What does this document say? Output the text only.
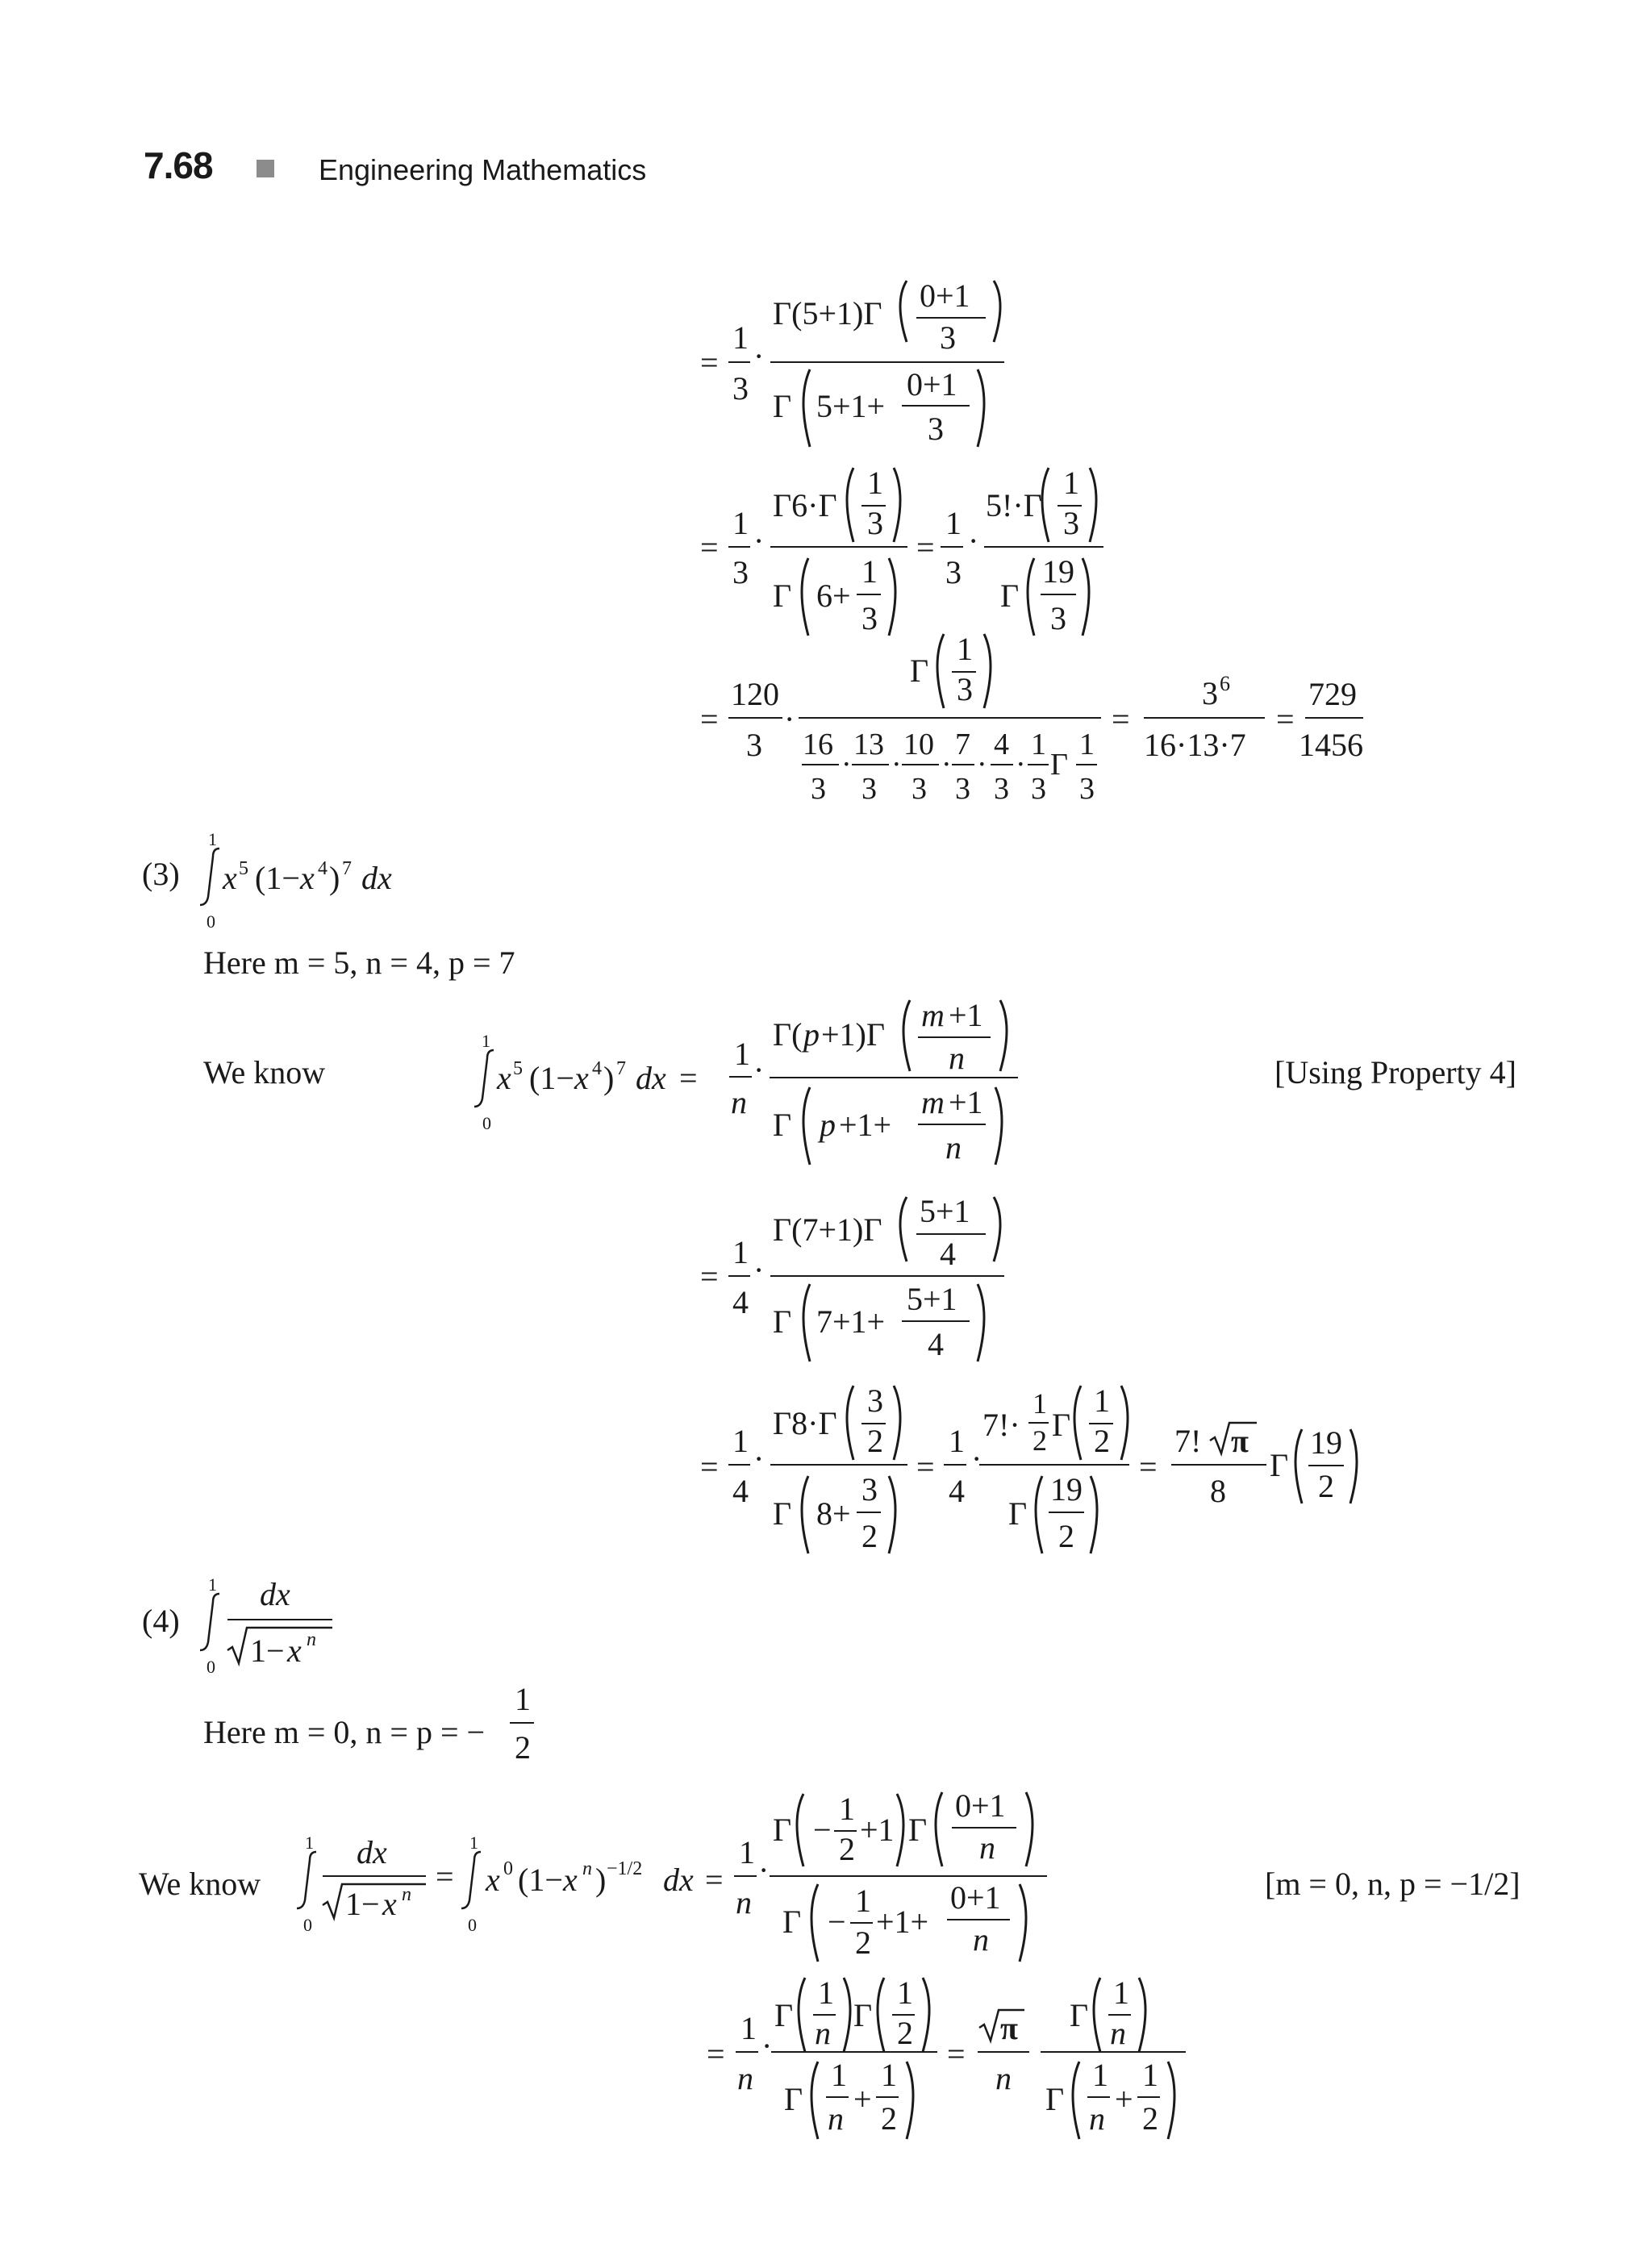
7.68	Engineering Mathematics
=
1
3
·
Γ(5+1)Γ 0+1
3
Γ 5+1+
0+1
3
=
1
3
·
Γ6·Γ
1
3
Γ 6+
1
3
=
1
3
·
5!·Γ
1
3
Γ
19
3
=
120
3
·
Γ
1
3
16
3
·
13
3
·
10
3
·
7
3
·
4
3
·
1
3
Γ
1
3
=
3 6
16·13·7
=
729
1456
1
0
x 5 (1− x 4 ) 7 dx
1
0
x 5 (1− x 4 ) 7 dx =
1
n
·
Γ( p +1)Γ
m +1
n
Γ p +1+
m +1
n
=
1
4
·
Γ(7+1)Γ
5+1
4
Γ 7+1+
5+1
4
=
1
4
·
Γ8·Γ
3
2
Γ 8+
3
2
=
1
4
·
7!·
1
2 Γ
1
2
Γ
19
2
=
7! π
8
Γ
19
2
1
0
dx
1− x n
1
2
1
0
dx
1− x n =
1
0
x 0 (1− x n ) −1/2 dx =
1
n
·
Γ −
1
2
+1 Γ
0+1
n
Γ −
1
2
+1+
0+1
n
=
1
n
·
Γ
1
n Γ
1
2
Γ
1
n
+
1
2
=
π
n
Γ
1
n
Γ
1
n
+
1
2
(3)
Here m = 5, n = 4, p = 7
We know	[Using Property 4]
(4)
Here m = 0, n = p = −
We know	[m = 0, n, p = −1/2]
